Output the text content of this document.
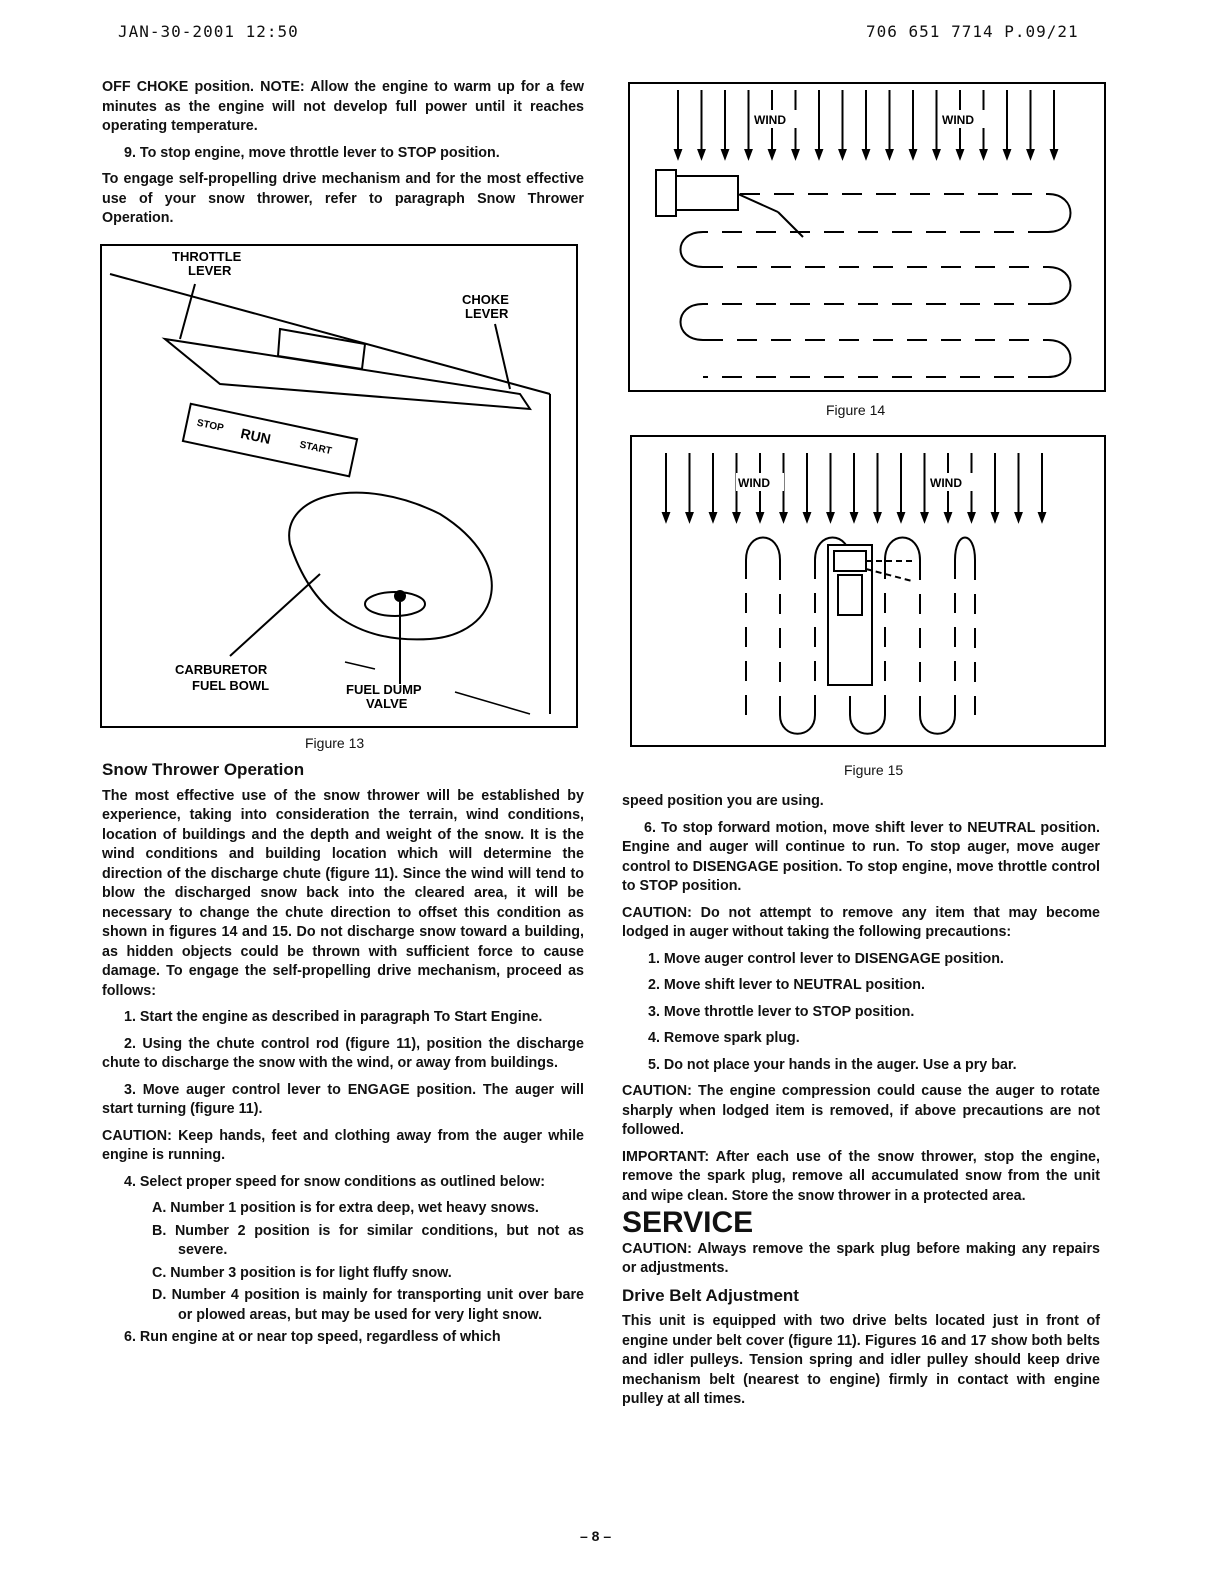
JAN-30-2001 12:50	706 651 7714 P.09/21

OFF CHOKE position. NOTE: Allow the engine to warm up for a few minutes as the engine will not develop full power until it reaches operating temperature.

9. To stop engine, move throttle lever to STOP position.

To engage self-propelling drive mechanism and for the most effective use of your snow thrower, refer to paragraph Snow Thrower Operation.

STOP RUN
START
THROTTLE LEVER
CHOKE LEVER
CARBURETOR FUEL BOWL	FUEL DUMP VALVE
Figure 13

Snow Thrower Operation

The most effective use of the snow thrower will be established by experience, taking into consideration the terrain, wind conditions, location of buildings and the depth and weight of the snow. It is the wind conditions and building location which will determine the direction of the discharge chute (figure 11). Since the wind will tend to blow the discharged snow back into the cleared area, it will be necessary to change the chute direction to offset this condition as shown in figures 14 and 15. Do not discharge snow toward a building, as hidden objects could be thrown with sufficient force to cause damage. To engage the self-propelling drive mechanism, proceed as follows:

1. Start the engine as described in paragraph To Start Engine.

2. Using the chute control rod (figure 11), position the discharge chute to discharge the snow with the wind, or away from buildings.

3. Move auger control lever to ENGAGE position. The auger will start turning (figure 11).

CAUTION: Keep hands, feet and clothing away from the auger while engine is running.

4. Select proper speed for snow conditions as outlined below:

A. Number 1 position is for extra deep, wet heavy snows.

B. Number 2 position is for similar conditions, but not as severe.

C. Number 3 position is for light fluffy snow.

D. Number 4 position is mainly for transporting unit over bare or plowed areas, but may be used for very light snow.

6. Run engine at or near top speed, regardless of which

WIND	WIND
Figure 14
WIND	WIND
Figure 15

speed position you are using.

6. To stop forward motion, move shift lever to NEUTRAL position. Engine and auger will continue to run. To stop auger, move auger control to DISENGAGE position. To stop engine, move throttle control to STOP position.

CAUTION: Do not attempt to remove any item that may become lodged in auger without taking the following precautions:

1. Move auger control lever to DISENGAGE position.

2. Move shift lever to NEUTRAL position.

3. Move throttle lever to STOP position.

4. Remove spark plug.

5. Do not place your hands in the auger. Use a pry bar.

CAUTION: The engine compression could cause the auger to rotate sharply when lodged item is removed, if above precautions are not followed.

IMPORTANT: After each use of the snow thrower, stop the engine, remove the spark plug, remove all accumulated snow from the unit and wipe clean. Store the snow thrower in a protected area.

SERVICE

CAUTION: Always remove the spark plug before making any repairs or adjustments.

Drive Belt Adjustment

This unit is equipped with two drive belts located just in front of engine under belt cover (figure 11). Figures 16 and 17 show both belts and idler pulleys. Tension spring and idler pulley should keep drive mechanism belt (nearest to engine) firmly in contact with engine pulley at all times.

– 8 –
